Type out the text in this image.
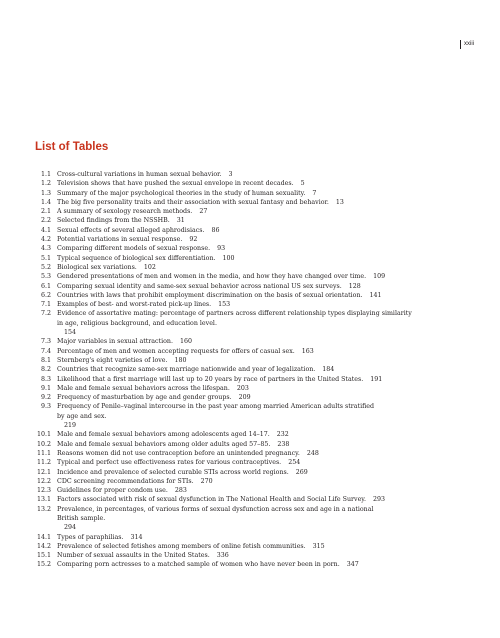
xxiii
List of Tables
1.1 Cross-cultural variations in human sexual behavior. 3
1.2 Television shows that have pushed the sexual envelope in recent decades. 5
1.3 Summary of the major psychological theories in the study of human sexuality. 7
1.4 The big five personality traits and their association with sexual fantasy and behavior. 13
2.1 A summary of sexology research methods. 27
2.2 Selected findings from the NSSHB. 31
4.1 Sexual effects of several alleged aphrodisiacs. 86
4.2 Potential variations in sexual response. 92
4.3 Comparing different models of sexual response. 93
5.1 Typical sequence of biological sex differentiation. 100
5.2 Biological sex variations. 102
5.3 Gendered presentations of men and women in the media, and how they have changed over time. 109
6.1 Comparing sexual identity and same-sex sexual behavior across national US sex surveys. 128
6.2 Countries with laws that prohibit employment discrimination on the basis of sexual orientation. 141
7.1 Examples of best- and worst-rated pick-up lines. 153
7.2 Evidence of assortative mating: percentage of partners across different relationship types displaying similarity
in age, religious background, and education level.
154
7.3 Major variables in sexual attraction. 160
7.4 Percentage of men and women accepting requests for offers of casual sex. 163
8.1 Sternberg's eight varieties of love. 180
8.2 Countries that recognize same-sex marriage nationwide and year of legalization. 184
8.3 Likelihood that a first marriage will last up to 20 years by race of partners in the United States. 191
9.1 Male and female sexual behaviors across the lifespan. 203
9.2 Frequency of masturbation by age and gender groups. 209
9.3 Frequency of Penile–vaginal intercourse in the past year among married American adults stratified
by age and sex.
219
10.1 Male and female sexual behaviors among adolescents aged 14–17. 232
10.2 Male and female sexual behaviors among older adults aged 57–85. 238
11.1 Reasons women did not use contraception before an unintended pregnancy. 248
11.2 Typical and perfect use effectiveness rates for various contraceptives. 254
12.1 Incidence and prevalence of selected curable STIs across world regions. 269
12.2 CDC screening recommendations for STIs. 270
12.3 Guidelines for proper condom use. 283
13.1 Factors associated with risk of sexual dysfunction in The National Health and Social Life Survey. 293
13.2 Prevalence, in percentages, of various forms of sexual dysfunction across sex and age in a national
British sample.
294
14.1 Types of paraphilias. 314
14.2 Prevalence of selected fetishes among members of online fetish communities. 315
15.1 Number of sexual assaults in the United States. 336
15.2 Comparing porn actresses to a matched sample of women who have never been in porn. 347
